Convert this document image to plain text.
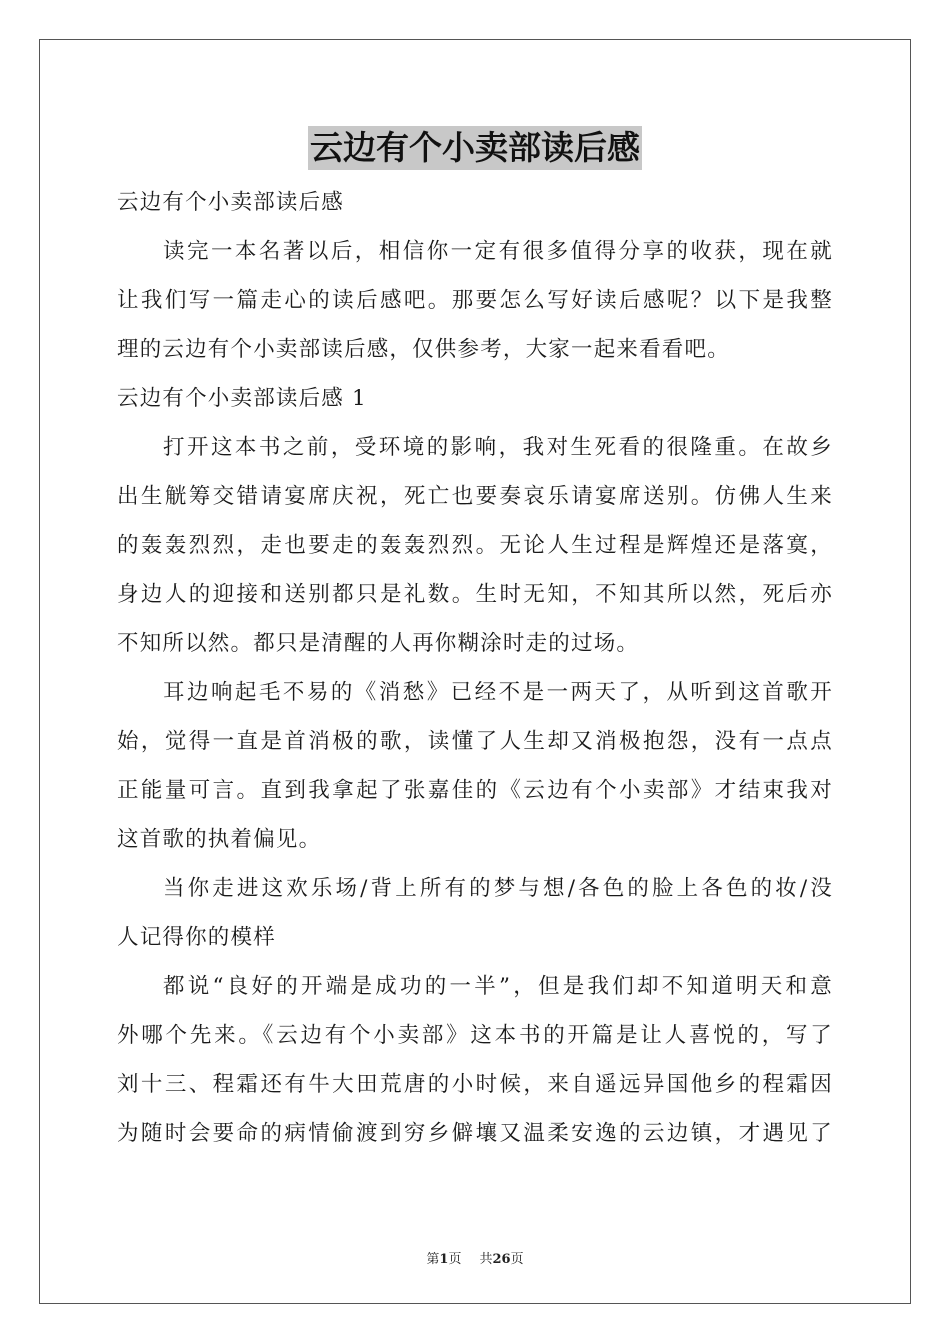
云边有个小卖部读后感
云边有个小卖部读后感
读完一本名著以后，相信你一定有很多值得分享的收获，现在就
让我们写一篇走心的读后感吧。那要怎么写好读后感呢？以下是我整
理的云边有个小卖部读后感，仅供参考，大家一起来看看吧。
云边有个小卖部读后感 1
打开这本书之前，受环境的影响，我对生死看的很隆重。在故乡
出生觥筹交错请宴席庆祝，死亡也要奏哀乐请宴席送别。仿佛人生来
的轰轰烈烈，走也要走的轰轰烈烈。无论人生过程是辉煌还是落寞，
身边人的迎接和送别都只是礼数。生时无知，不知其所以然，死后亦
不知所以然。都只是清醒的人再你糊涂时走的过场。
耳边响起毛不易的《消愁》已经不是一两天了，从听到这首歌开
始，觉得一直是首消极的歌，读懂了人生却又消极抱怨，没有一点点
正能量可言。直到我拿起了张嘉佳的《云边有个小卖部》才结束我对
这首歌的执着偏见。
当你走进这欢乐场/背上所有的梦与想/各色的脸上各色的妆/没
人记得你的模样
都说“良好的开端是成功的一半”，但是我们却不知道明天和意
外哪个先来。《云边有个小卖部》这本书的开篇是让人喜悦的，写了
刘十三、程霜还有牛大田荒唐的小时候，来自遥远异国他乡的程霜因
为随时会要命的病情偷渡到穷乡僻壤又温柔安逸的云边镇，才遇见了
第1页 共26页
